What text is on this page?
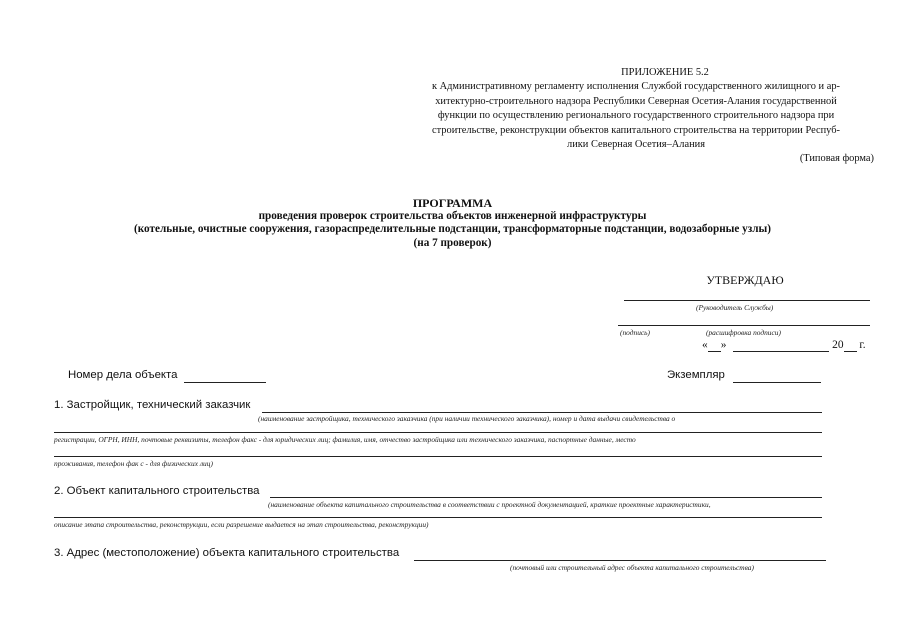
ПРИЛОЖЕНИЕ 5.2
к Административному регламенту исполнения Службой государственного жилищного и ар-
хитектурно-строительного надзора Республики Северная Осетия-Алания государственной
функции по осуществлению регионального государственного строительного надзора при
строительстве, реконструкции объектов капитального строительства на территории Респуб-
лики Северная Осетия–Алания
(Типовая форма)
ПРОГРАММА
проведения проверок строительства объектов инженерной инфраструктуры
(котельные, очистные сооружения, газораспределительные подстанции, трансформаторные подстанции, водозаборные узлы)
(на 7 проверок)
УТВЕРЖДАЮ
(Руководитель Службы)
(подпись)	(расшифровка подписи)
« »	20 г.
Номер дела объекта	Экземпляр
1. Застройщик, технический заказчик
(наименование застройщика, технического заказчика (при наличии технического заказчика), номер и дата выдачи свидетельства о
регистрации, ОГРН, ИНН, почтовые реквизиты, телефон факс - для юридических лиц; фамилия, имя, отчество застройщика или технического заказчика, паспортные данные, место
проживания, телефон фак с - для физических лиц)
2. Объект капитального строительства
(наименование объекта капитального строительства в соответствии с проектной документацией, краткие проектные характеристики,
описание этапа строительства, реконструкции, если разрешение выдается на этап строительства, реконструкции)
3. Адрес (местоположение) объекта капитального строительства
(почтовый или строительный адрес объекта капитального строительства)
